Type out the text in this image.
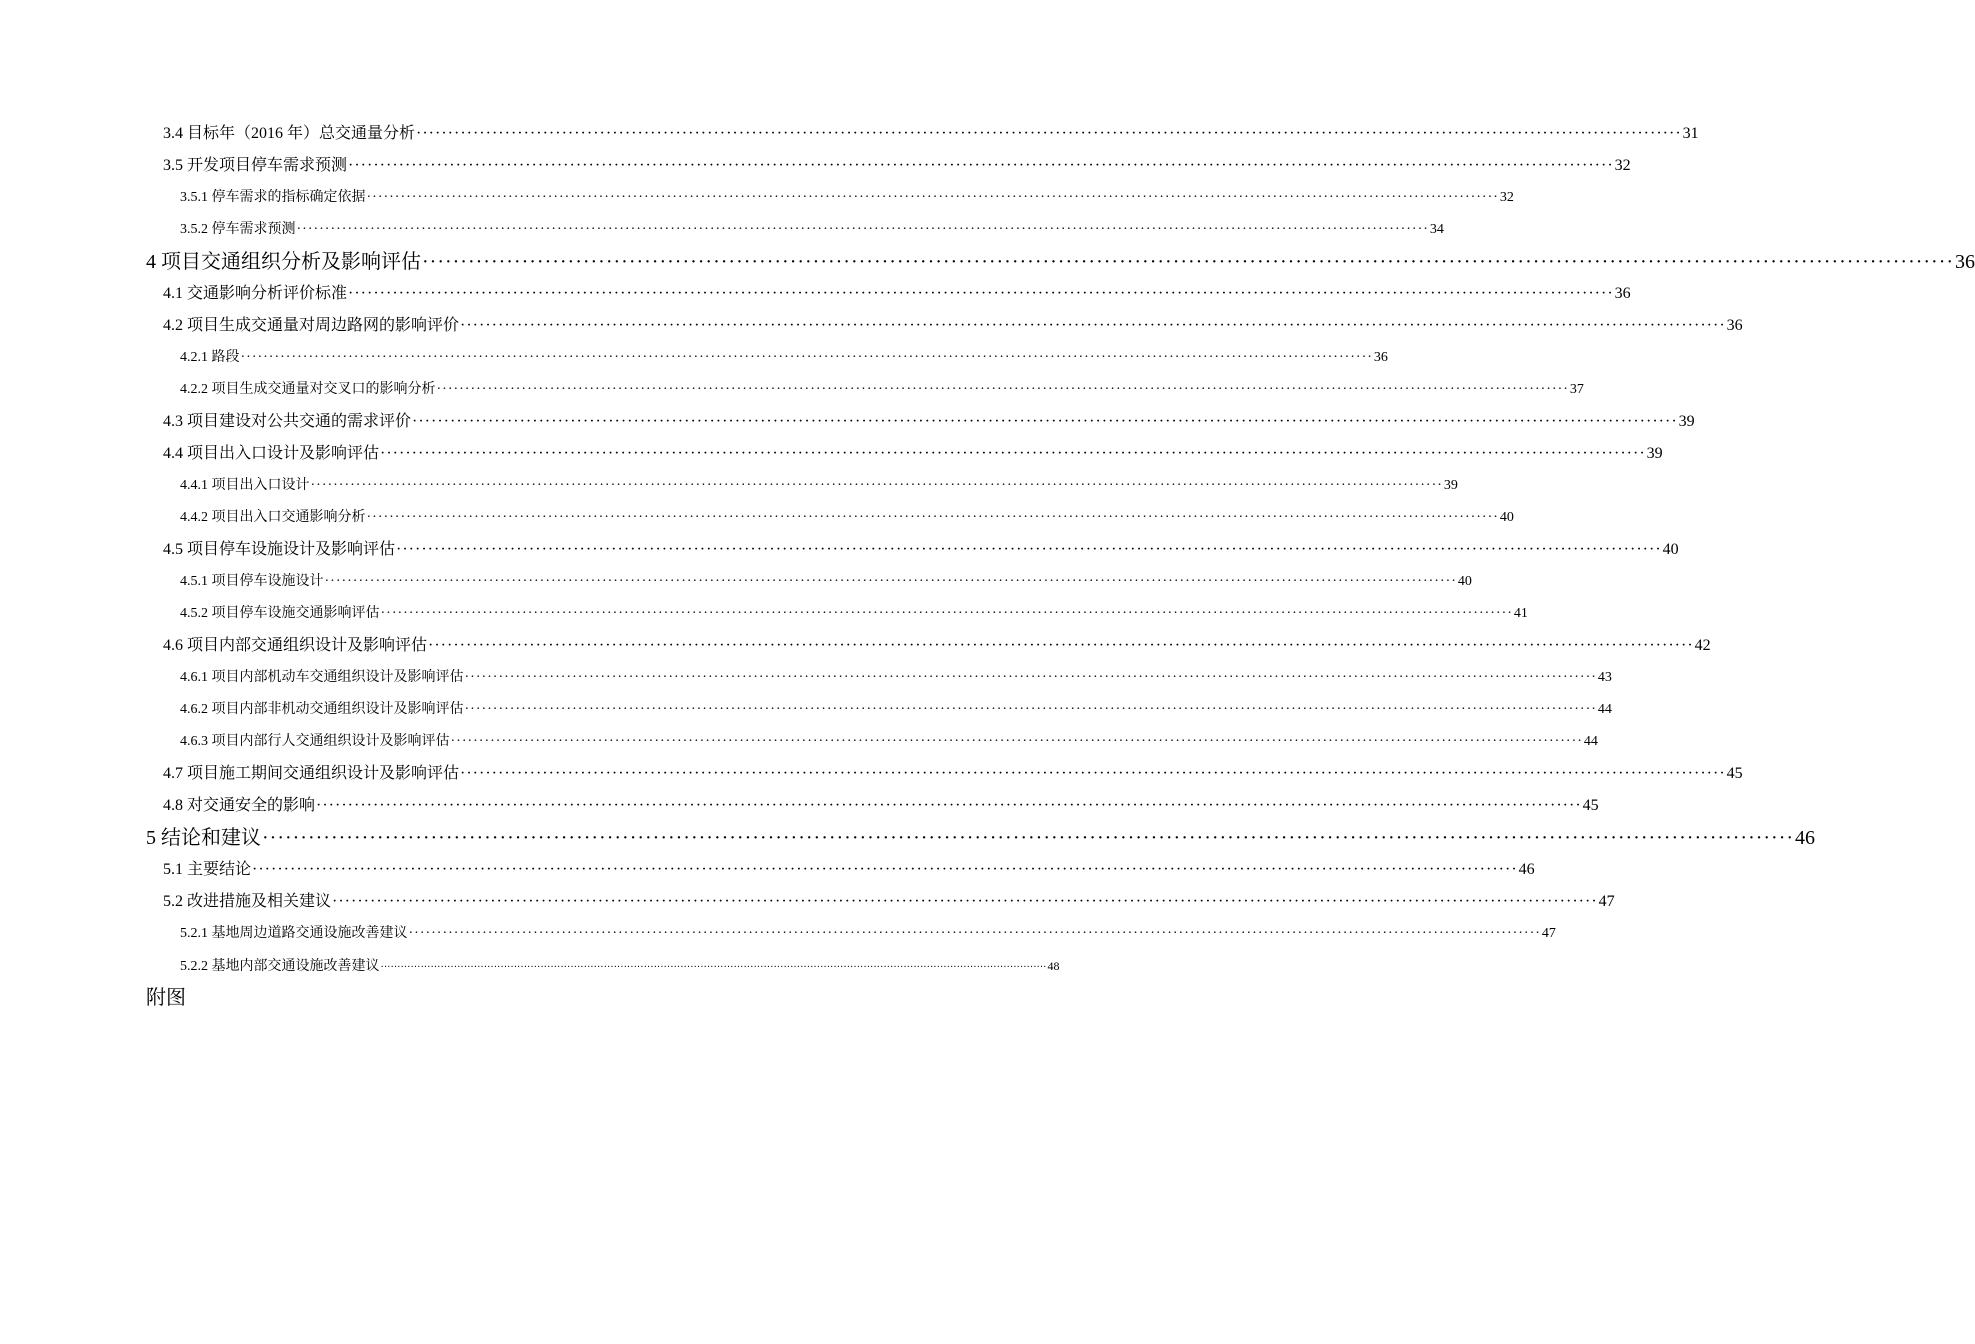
3.4 目标年（2016 年）总交通量分析 ········································································································································································································ 31
3.5 开发项目停车需求预测 ········································································································································································································ 32
3.5.1 停车需求的指标确定依据 ········································································································································································································ 32
3.5.2 停车需求预测 ········································································································································································································ 34
4 项目交通组织分析及影响评估 ········································································································································································································ 36
4.1 交通影响分析评价标准 ········································································································································································································ 36
4.2 项目生成交通量对周边路网的影响评价 ········································································································································································································ 36
4.2.1 路段 ········································································································································································································ 36
4.2.2 项目生成交通量对交叉口的影响分析 ········································································································································································································ 37
4.3 项目建设对公共交通的需求评价 ········································································································································································································ 39
4.4 项目出入口设计及影响评估 ········································································································································································································ 39
4.4.1 项目出入口设计 ········································································································································································································ 39
4.4.2 项目出入口交通影响分析 ········································································································································································································ 40
4.5 项目停车设施设计及影响评估 ········································································································································································································ 40
4.5.1 项目停车设施设计 ········································································································································································································ 40
4.5.2 项目停车设施交通影响评估 ········································································································································································································ 41
4.6 项目内部交通组织设计及影响评估 ········································································································································································································ 42
4.6.1 项目内部机动车交通组织设计及影响评估 ········································································································································································································ 43
4.6.2 项目内部非机动交通组织设计及影响评估 ········································································································································································································ 44
4.6.3 项目内部行人交通组织设计及影响评估 ········································································································································································································ 44
4.7 项目施工期间交通组织设计及影响评估 ········································································································································································································ 45
4.8 对交通安全的影响 ········································································································································································································ 45
5 结论和建议 ········································································································································································································ 46
5.1 主要结论 ········································································································································································································ 46
5.2 改进措施及相关建议 ········································································································································································································ 47
5.2.1 基地周边道路交通设施改善建议 ········································································································································································································ 47
5.2.2 基地内部交通设施改善建议 ········································································································································································································ 48
附图
